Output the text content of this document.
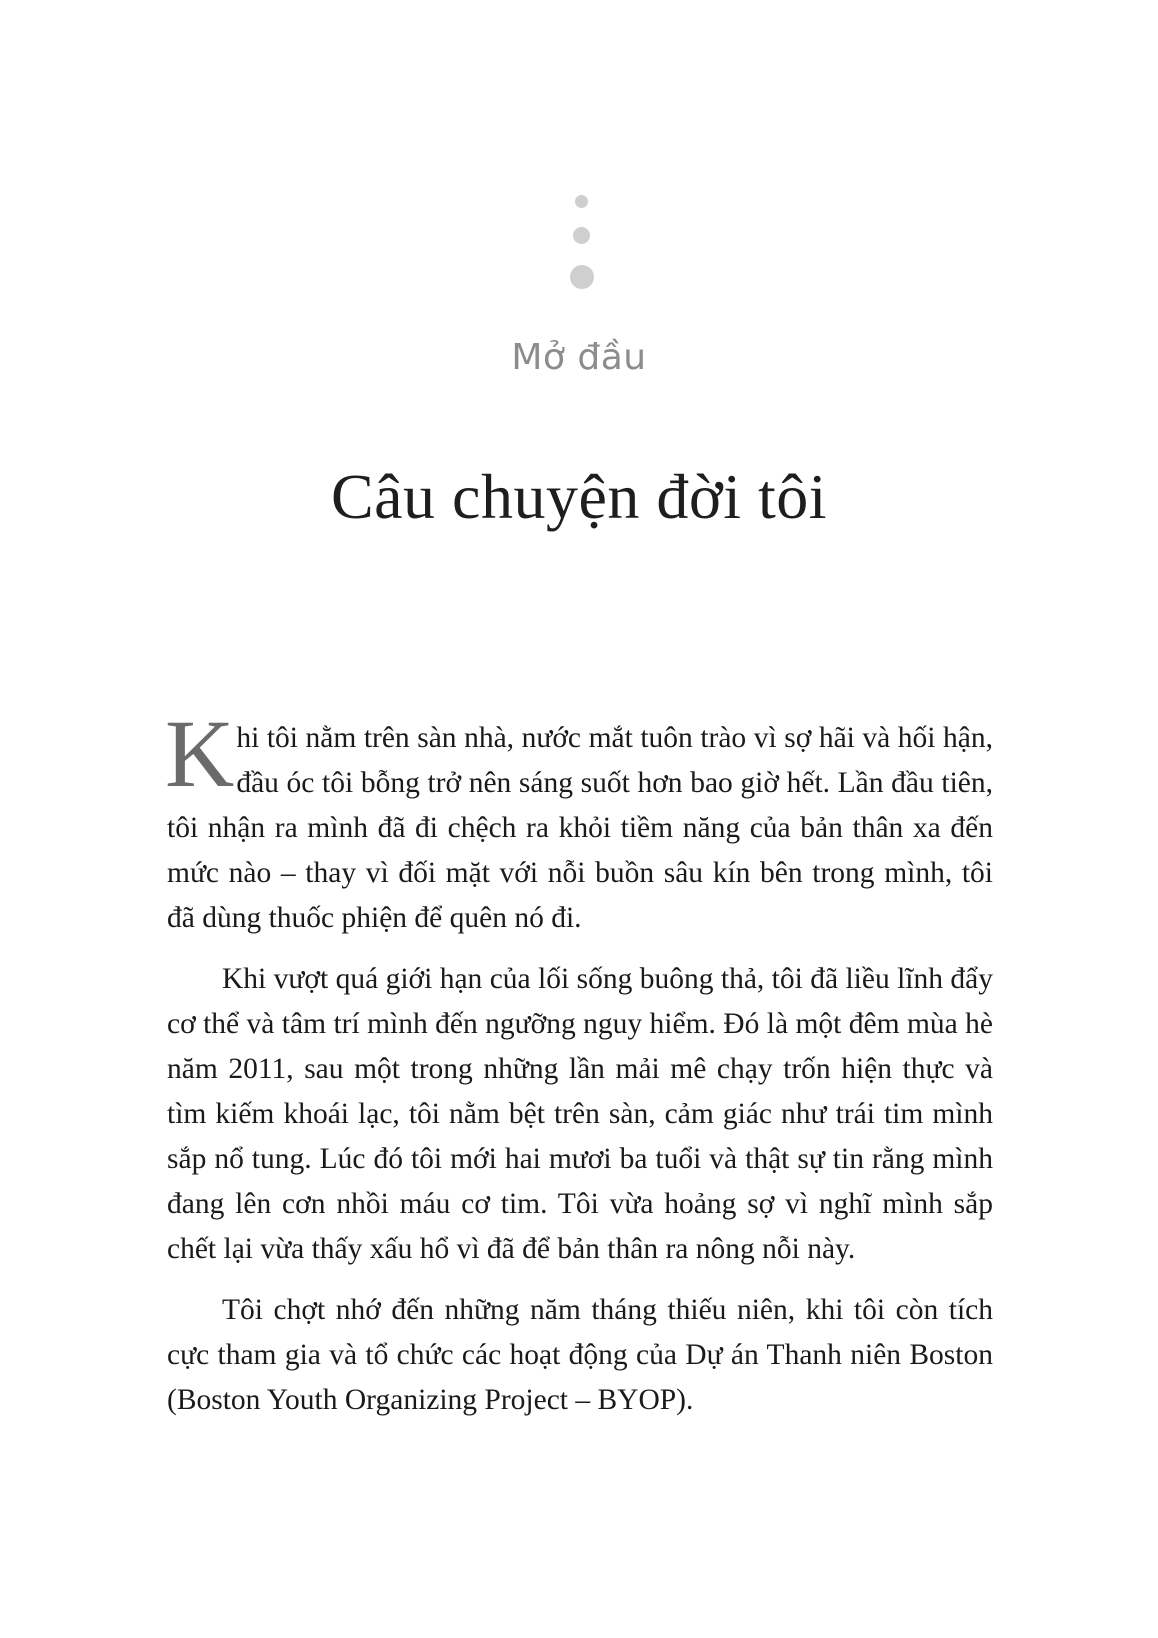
Mở đầu
Câu chuyện đời tôi

Khi tôi nằm trên sàn nhà, nước mắt tuôn trào vì sợ hãi và hối hận, đầu óc tôi bỗng trở nên sáng suốt hơn bao giờ hết. Lần đầu tiên, tôi nhận ra mình đã đi chệch ra khỏi tiềm năng của bản thân xa đến mức nào – thay vì đối mặt với nỗi buồn sâu kín bên trong mình, tôi đã dùng thuốc phiện để quên nó đi.

Khi vượt quá giới hạn của lối sống buông thả, tôi đã liều lĩnh đẩy cơ thể và tâm trí mình đến ngưỡng nguy hiểm. Đó là một đêm mùa hè năm 2011, sau một trong những lần mải mê chạy trốn hiện thực và tìm kiếm khoái lạc, tôi nằm bệt trên sàn, cảm giác như trái tim mình sắp nổ tung. Lúc đó tôi mới hai mươi ba tuổi và thật sự tin rằng mình đang lên cơn nhồi máu cơ tim. Tôi vừa hoảng sợ vì nghĩ mình sắp chết lại vừa thấy xấu hổ vì đã để bản thân ra nông nỗi này.

Tôi chợt nhớ đến những năm tháng thiếu niên, khi tôi còn tích cực tham gia và tổ chức các hoạt động của Dự án Thanh niên Boston (Boston Youth Organizing Project – BYOP).
